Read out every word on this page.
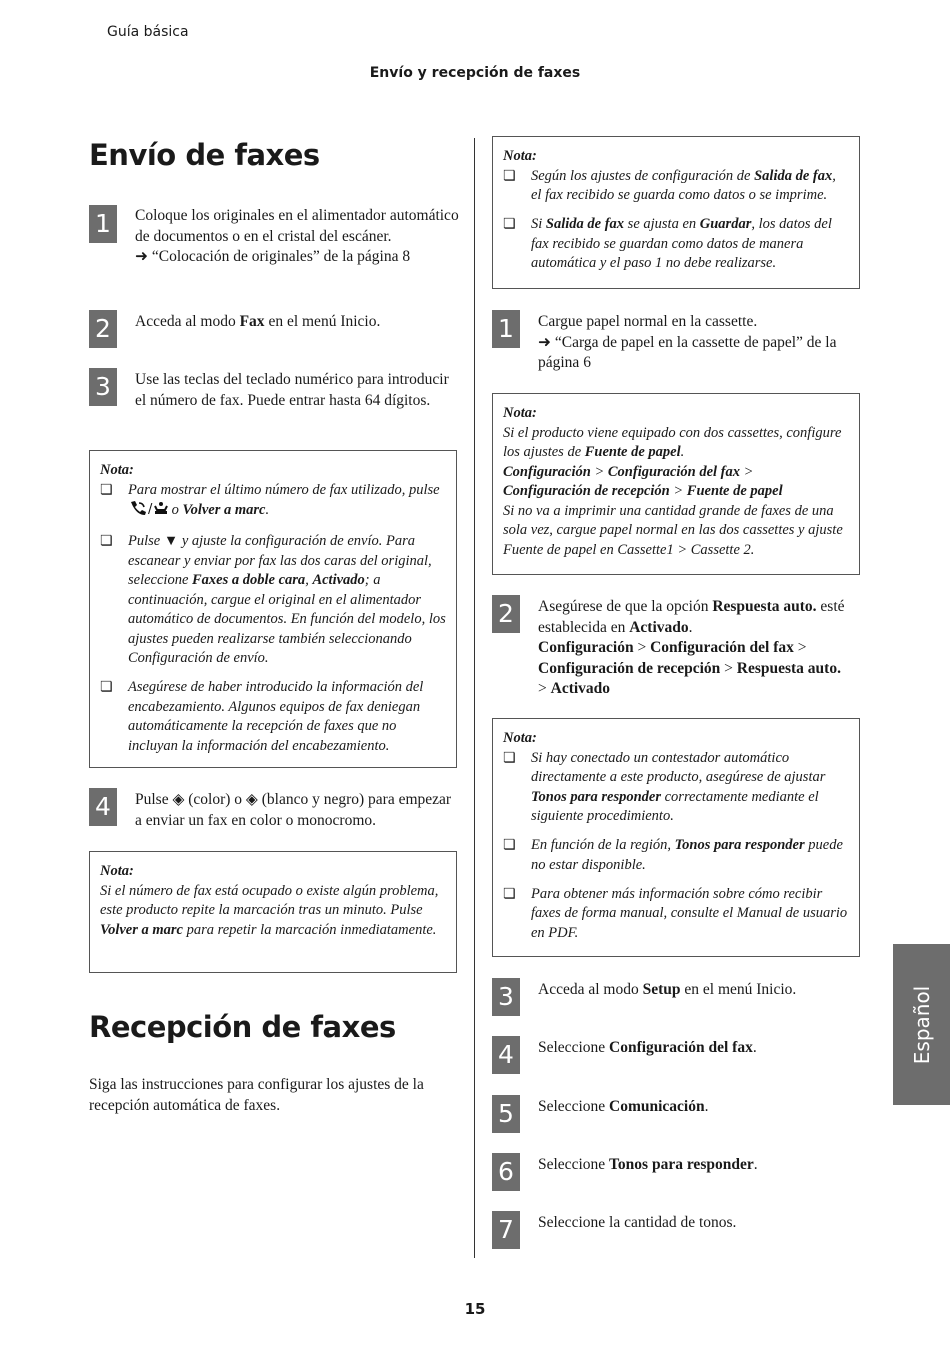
Guía básica
Envío y recepción de faxes
Envío de faxes
1	Coloque los originales en el alimentador automático de documentos o en el cristal del escáner.
➜ “Colocación de originales” de la página 8
2	Acceda al modo Fax en el menú Inicio.
3	Use las teclas del teclado numérico para introducir el número de fax. Puede entrar hasta 64 dígitos.
Nota:
❏ Para mostrar el último número de fax utilizado, pulse
/ o Volver a marc.
❏ Pulse ▼ y ajuste la configuración de envío. Para escanear y enviar por fax las dos caras del original, seleccione Faxes a doble cara, Activado; a continuación, cargue el original en el alimentador automático de documentos. En función del modelo, los ajustes pueden realizarse también seleccionando Configuración de envío.
❏ Asegúrese de haber introducido la información del encabezamiento. Algunos equipos de fax deniegan automáticamente la recepción de faxes que no incluyan la información del encabezamiento.
4	Pulse ◈ (color) o ◈ (blanco y negro) para empezar a enviar un fax en color o monocromo.
Nota:
Si el número de fax está ocupado o existe algún problema, este producto repite la marcación tras un minuto. Pulse Volver a marc para repetir la marcación inmediatamente.
Recepción de faxes
Siga las instrucciones para configurar los ajustes de la recepción automática de faxes.
Nota:
❏ Según los ajustes de configuración de Salida de fax, el fax recibido se guarda como datos o se imprime.
❏ Si Salida de fax se ajusta en Guardar, los datos del fax recibido se guardan como datos de manera automática y el paso 1 no debe realizarse.
1	Cargue papel normal en la cassette.
➜ “Carga de papel en la cassette de papel” de la página 6
Nota:
Si el producto viene equipado con dos cassettes, configure los ajustes de Fuente de papel.
Configuración > Configuración del fax >
Configuración de recepción > Fuente de papel
Si no va a imprimir una cantidad grande de faxes de una sola vez, cargue papel normal en las dos cassettes y ajuste Fuente de papel en Cassette1 > Cassette 2.
2	Asegúrese de que la opción Respuesta auto. esté establecida en Activado.
Configuración > Configuración del fax >
Configuración de recepción > Respuesta auto.
> Activado
Nota:
❏ Si hay conectado un contestador automático directamente a este producto, asegúrese de ajustar Tonos para responder correctamente mediante el siguiente procedimiento.
❏ En función de la región, Tonos para responder puede no estar disponible.
❏ Para obtener más información sobre cómo recibir faxes de forma manual, consulte el Manual de usuario en PDF.
3	Acceda al modo Setup en el menú Inicio.
4	Seleccione Configuración del fax.
5	Seleccione Comunicación.
6	Seleccione Tonos para responder.
7	Seleccione la cantidad de tonos.
Español
15
